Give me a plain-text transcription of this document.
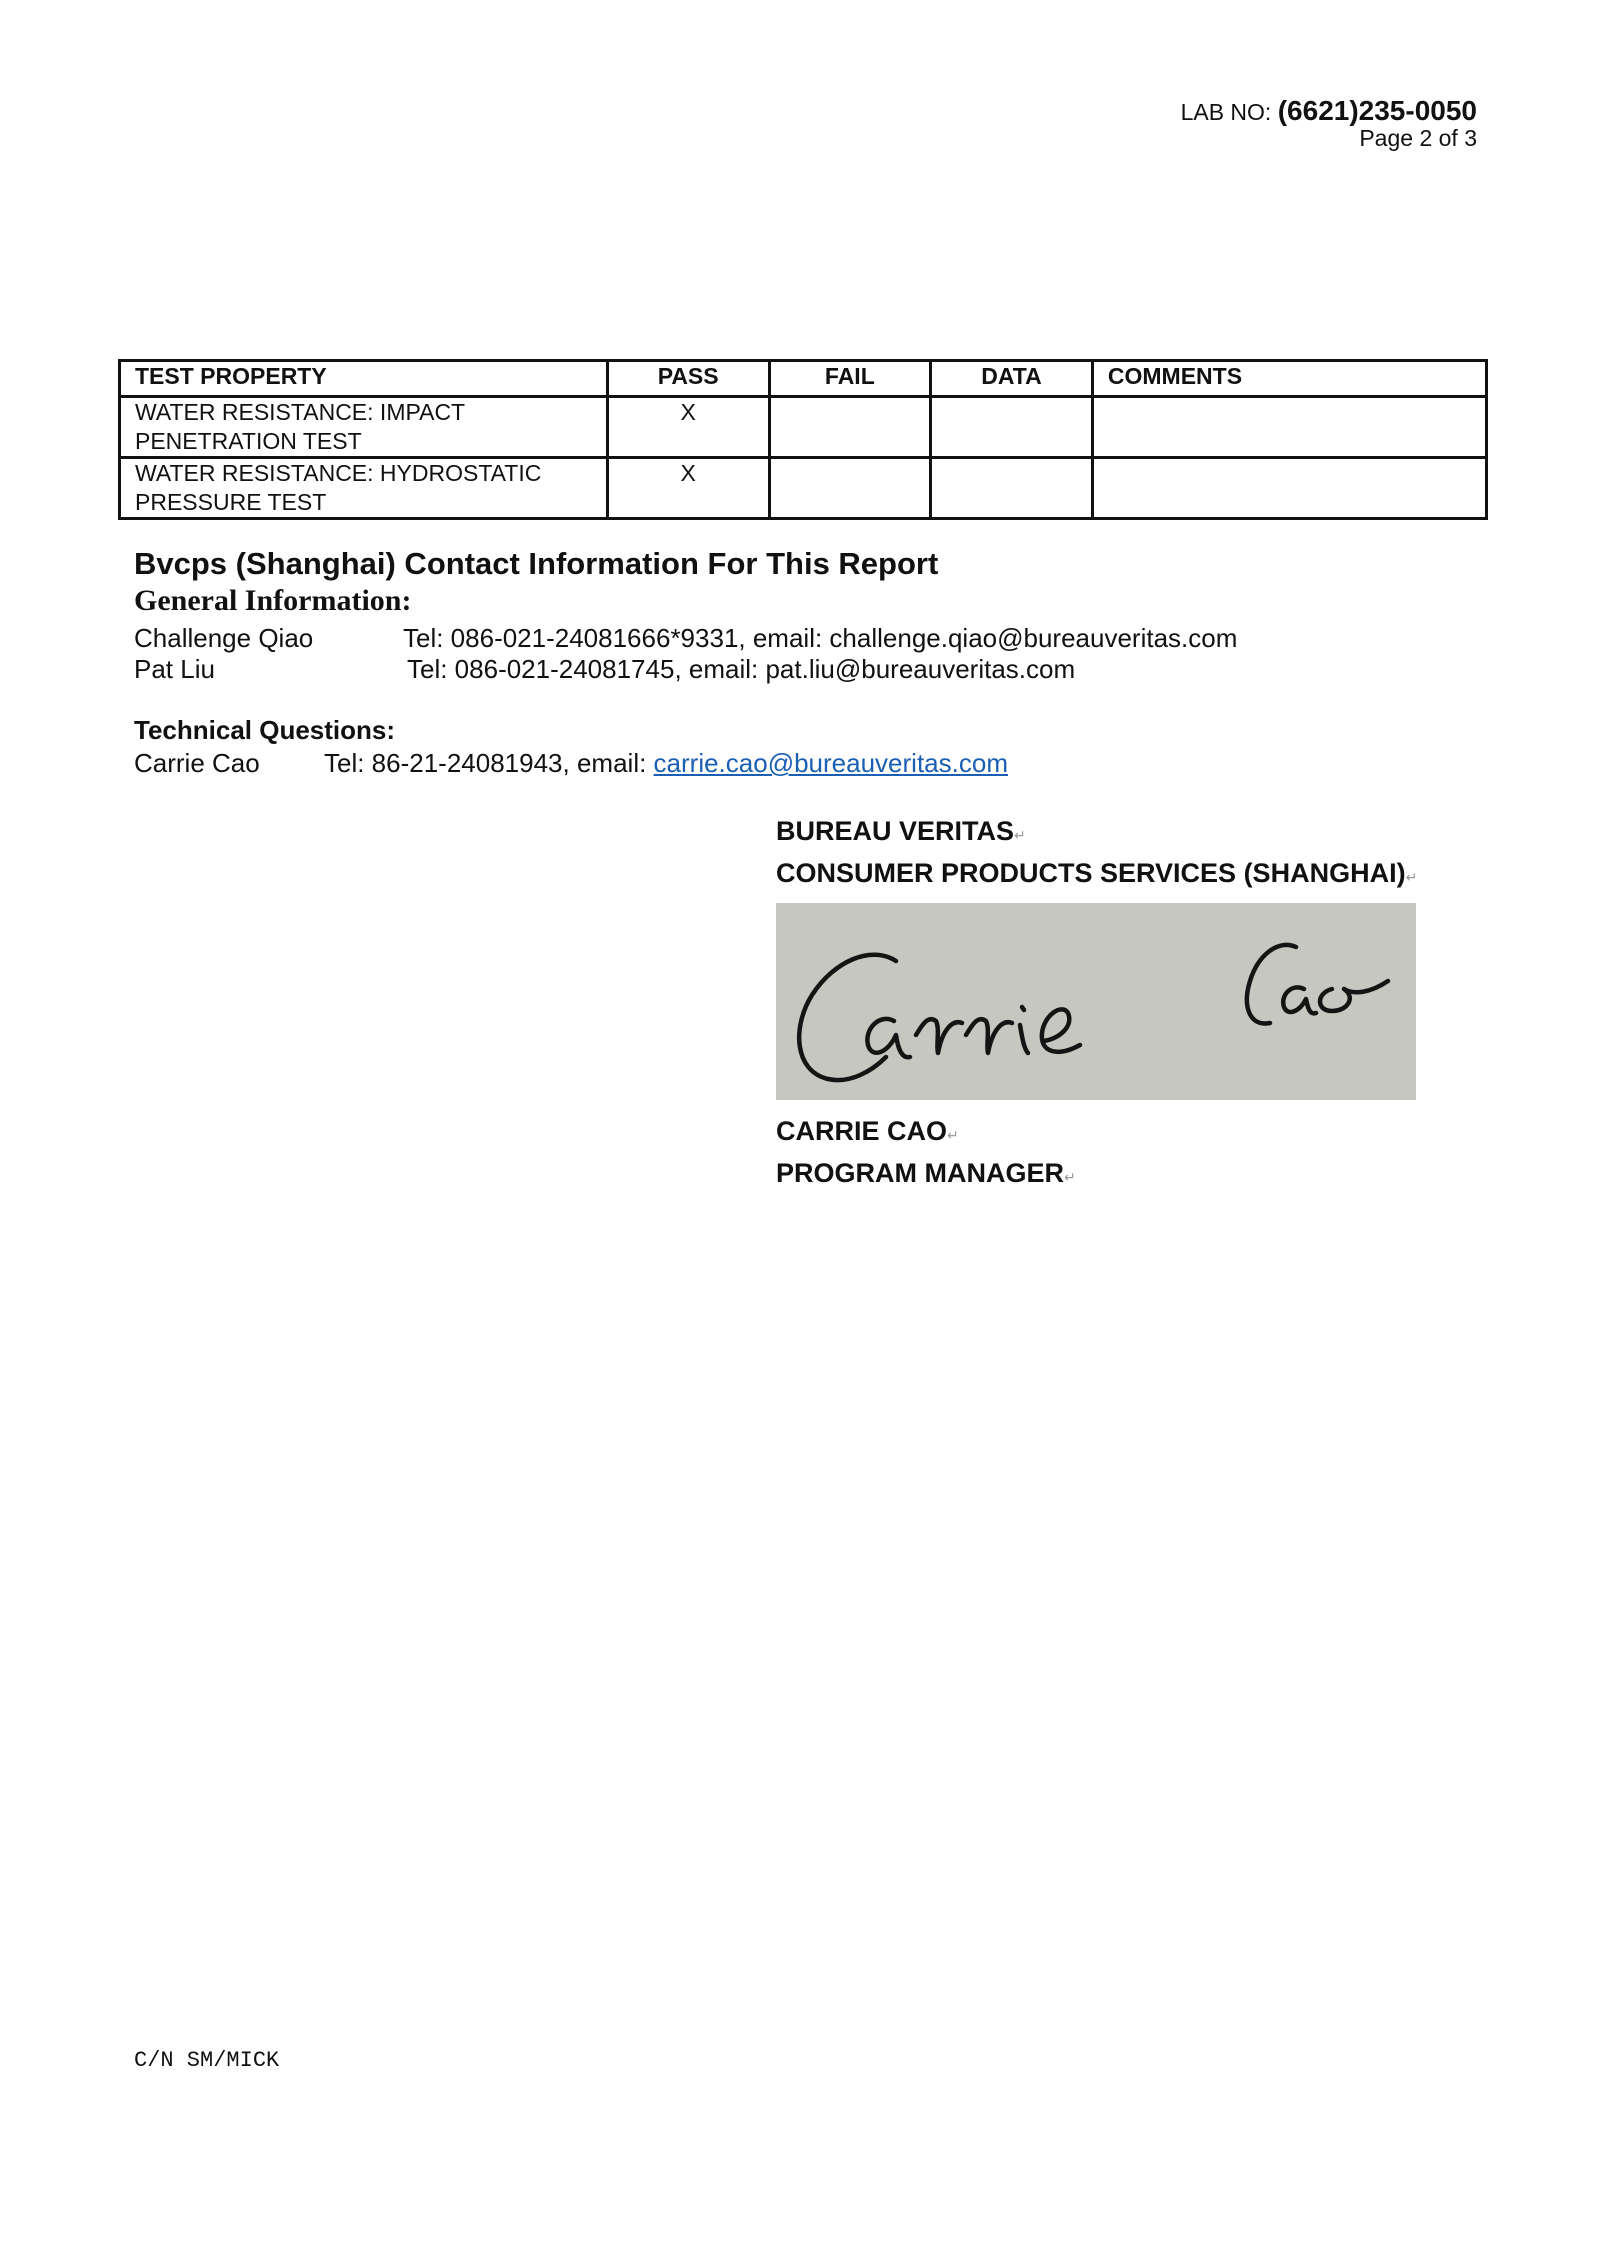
LAB NO: (6621)235-0050
Page 2 of 3
TEST PROPERTY	PASS	FAIL	DATA	COMMENTS

WATER RESISTANCE: IMPACT
PENETRATION TEST	X			

WATER RESISTANCE: HYDROSTATIC
PRESSURE TEST	X			
Bvcps (Shanghai) Contact Information For This Report
General Information:
Challenge Qiao	Tel: 086-021-24081666*9331, email: challenge.qiao@bureauveritas.com
Pat Liu	Tel: 086-021-24081745, email: pat.liu@bureauveritas.com
Technical Questions:
Carrie Cao Tel: 86-21-24081943, email: carrie.cao@bureauveritas.com
BUREAU VERITAS↵
CONSUMER PRODUCTS SERVICES (SHANGHAI)↵
CARRIE CAO↵
PROGRAM MANAGER↵
C/N SM/MICK
